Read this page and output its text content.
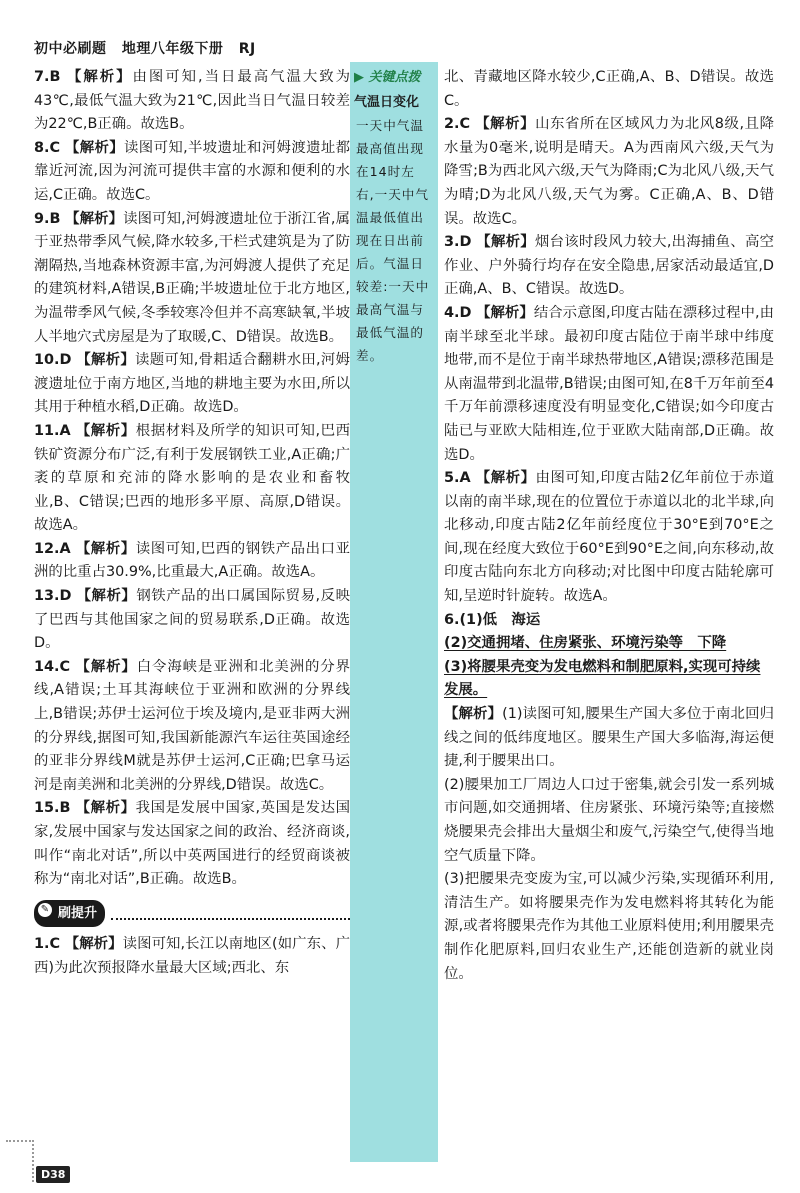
初中必刷题 地理八年级下册 RJ
7.B 【解析】由图可知,当日最高气温大致为43℃,最低气温大致为21℃,因此当日气温日较差为22℃,B正确。故选B。
8.C 【解析】读图可知,半坡遗址和河姆渡遗址都靠近河流,因为河流可提供丰富的水源和便利的水运,C正确。故选C。
9.B 【解析】读图可知,河姆渡遗址位于浙江省,属于亚热带季风气候,降水较多,干栏式建筑是为了防潮隔热,当地森林资源丰富,为河姆渡人提供了充足的建筑材料,A错误,B正确;半坡遗址位于北方地区,为温带季风气候,冬季较寒冷但并不高寒缺氧,半坡人半地穴式房屋是为了取暖,C、D错误。故选B。
10.D 【解析】读题可知,骨耜适合翻耕水田,河姆渡遗址位于南方地区,当地的耕地主要为水田,所以其用于种植水稻,D正确。故选D。
11.A 【解析】根据材料及所学的知识可知,巴西铁矿资源分布广泛,有利于发展钢铁工业,A正确;广袤的草原和充沛的降水影响的是农业和畜牧业,B、C错误;巴西的地形多平原、高原,D错误。故选A。
12.A 【解析】读图可知,巴西的钢铁产品出口亚洲的比重占30.9%,比重最大,A正确。故选A。
13.D 【解析】钢铁产品的出口属国际贸易,反映了巴西与其他国家之间的贸易联系,D正确。故选D。
14.C 【解析】白令海峡是亚洲和北美洲的分界线,A错误;土耳其海峡位于亚洲和欧洲的分界线上,B错误;苏伊士运河位于埃及境内,是亚非两大洲的分界线,据图可知,我国新能源汽车运往英国途经的亚非分界线M就是苏伊士运河,C正确;巴拿马运河是南美洲和北美洲的分界线,D错误。故选C。
15.B 【解析】我国是发展中国家,英国是发达国家,发展中国家与发达国家之间的政治、经济商谈,叫作“南北对话”,所以中英两国进行的经贸商谈被称为“南北对话”,B正确。故选B。
✎ 刷提升
1.C 【解析】读图可知,长江以南地区(如广东、广西)为此次预报降水量最大区域;西北、东
▶ 关键点拨
气温日变化
一天中气温最高值出现在14时左右,一天中气温最低值出现在日出前后。气温日较差:一天中最高气温与最低气温的差。
北、青藏地区降水较少,C正确,A、B、D错误。故选C。
2.C 【解析】山东省所在区域风力为北风8级,且降水量为0毫米,说明是晴天。A为西南风六级,天气为降雪;B为西北风六级,天气为降雨;C为北风八级,天气为晴;D为北风八级,天气为雾。C正确,A、B、D错误。故选C。
3.D 【解析】烟台该时段风力较大,出海捕鱼、高空作业、户外骑行均存在安全隐患,居家活动最适宜,D正确,A、B、C错误。故选D。
4.D 【解析】结合示意图,印度古陆在漂移过程中,由南半球至北半球。最初印度古陆位于南半球中纬度地带,而不是位于南半球热带地区,A错误;漂移范围是从南温带到北温带,B错误;由图可知,在8千万年前至4千万年前漂移速度没有明显变化,C错误;如今印度古陆已与亚欧大陆相连,位于亚欧大陆南部,D正确。故选D。
5.A 【解析】由图可知,印度古陆2亿年前位于赤道以南的南半球,现在的位置位于赤道以北的北半球,向北移动,印度古陆2亿年前经度位于30°E到70°E之间,现在经度大致位于60°E到90°E之间,向东移动,故印度古陆向东北方向移动;对比图中印度古陆轮廓可知,呈逆时针旋转。故选A。
6.(1)低　海运
(2)交通拥堵、住房紧张、环境污染等　下降
(3)将腰果壳变为发电燃料和制肥原料,实现可持续发展。
【解析】(1)读图可知,腰果生产国大多位于南北回归线之间的低纬度地区。腰果生产国大多临海,海运便捷,利于腰果出口。
(2)腰果加工厂周边人口过于密集,就会引发一系列城市问题,如交通拥堵、住房紧张、环境污染等;直接燃烧腰果壳会排出大量烟尘和废气,污染空气,使得当地空气质量下降。
(3)把腰果壳变废为宝,可以减少污染,实现循环利用,清洁生产。如将腰果壳作为发电燃料将其转化为能源,或者将腰果壳作为其他工业原料使用;利用腰果壳制作化肥原料,回归农业生产,还能创造新的就业岗位。
D38
